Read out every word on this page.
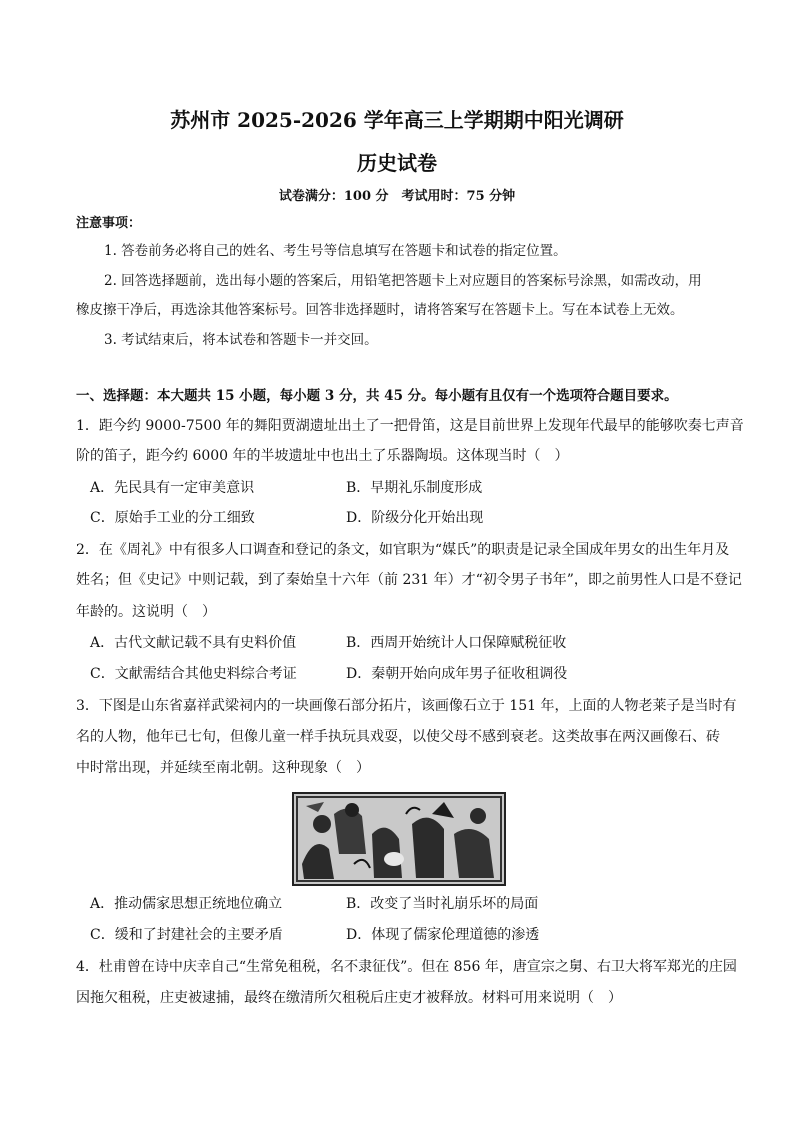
苏州市 2025-2026 学年高三上学期期中阳光调研
历史试卷
试卷满分：100 分　考试用时：75 分钟
注意事项：
1. 答卷前务必将自己的姓名、考生号等信息填写在答题卡和试卷的指定位置。
2. 回答选择题前，选出每小题的答案后，用铅笔把答题卡上对应题目的答案标号涂黑，如需改动，用
橡皮擦干净后，再选涂其他答案标号。回答非选择题时，请将答案写在答题卡上。写在本试卷上无效。
3. 考试结束后，将本试卷和答题卡一并交回。
一、选择题：本大题共 15 小题，每小题 3 分，共 45 分。每小题有且仅有一个选项符合题目要求。
1．距今约 9000-7500 年的舞阳贾湖遗址出土了一把骨笛，这是目前世界上发现年代最早的能够吹奏七声音
阶的笛子，距今约 6000 年的半坡遗址中也出土了乐器陶埙。这体现当时（　）
A．先民具有一定审美意识	B．早期礼乐制度形成
C．原始手工业的分工细致	D．阶级分化开始出现
2．在《周礼》中有很多人口调查和登记的条文，如官职为“媒氏”的职责是记录全国成年男女的出生年月及
姓名；但《史记》中则记载，到了秦始皇十六年（前 231 年）才“初令男子书年”，即之前男性人口是不登记
年龄的。这说明（　）
A．古代文献记载不具有史料价值	B．西周开始统计人口保障赋税征收
C．文献需结合其他史料综合考证	D．秦朝开始向成年男子征收租调役
3．下图是山东省嘉祥武梁祠内的一块画像石部分拓片，该画像石立于 151 年，上面的人物老莱子是当时有
名的人物，他年已七旬，但像儿童一样手执玩具戏耍，以使父母不感到衰老。这类故事在两汉画像石、砖
中时常出现，并延续至南北朝。这种现象（　）
A．推动儒家思想正统地位确立	B．改变了当时礼崩乐坏的局面
C．缓和了封建社会的主要矛盾	D．体现了儒家伦理道德的渗透
4．杜甫曾在诗中庆幸自己“生常免租税，名不隶征伐”。但在 856 年，唐宣宗之舅、右卫大将军郑光的庄园
因拖欠租税，庄吏被逮捕，最终在缴清所欠租税后庄吏才被释放。材料可用来说明（　）
